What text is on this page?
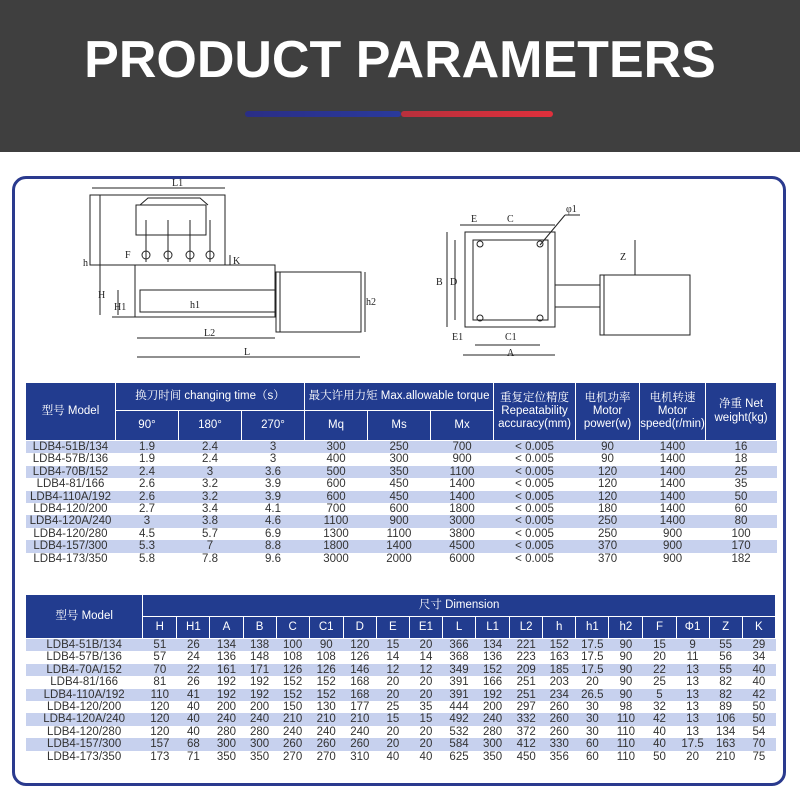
PRODUCT PARAMETERS
L1
h
F
K
H
H1	h1
L2
L
h2
E	C
φ1
B D
Z
E1	C1
A
型号 Model	换刀时间 changing time（s）			最大许用力矩 Max.allowable torque			重复定位精度 Repeatability accuracy(mm)	电机功率 Motor power(w)	电机转速 Motor speed(r/min)	净重 Net weight(kg)
	90°	180°	270°	Mq	Ms	Mx				
LDB4-51B/134	1.9	2.4	3	300	250	700	< 0.005	90	1400	16
LDB4-57B/136	1.9	2.4	3	400	300	900	< 0.005	90	1400	18
LDB4-70B/152	2.4	3	3.6	500	350	1100	< 0.005	120	1400	25
LDB4-81/166	2.6	3.2	3.9	600	450	1400	< 0.005	120	1400	35
LDB4-110A/192	2.6	3.2	3.9	600	450	1400	< 0.005	120	1400	50
LDB4-120/200	2.7	3.4	4.1	700	600	1800	< 0.005	180	1400	60
LDB4-120A/240	3	3.8	4.6	1100	900	3000	< 0.005	250	1400	80
LDB4-120/280	4.5	5.7	6.9	1300	1100	3800	< 0.005	250	900	100
LDB4-157/300	5.3	7	8.8	1800	1400	4500	< 0.005	370	900	170
LDB4-173/350	5.8	7.8	9.6	3000	2000	6000	< 0.005	370	900	182
型号 Model	尺寸 Dimension																		
	H	H1	A	B	C	C1	D	E	E1	L	L1	L2	h	h1	h2	F	Φ1	Z	K
LDB4-51B/134	51	26	134	138	100	90	120	15	20	366	134	221	152	17.5	90	15	9	55	29
LDB4-57B/136	57	24	136	148	108	108	126	14	14	368	136	223	163	17.5	90	20	11	56	34
LDB4-70A/152	70	22	161	171	126	126	146	12	12	349	152	209	185	17.5	90	22	13	55	40
LDB4-81/166	81	26	192	192	152	152	168	20	20	391	166	251	203	20	90	25	13	82	40
LDB4-110A/192	110	41	192	192	152	152	168	20	20	391	192	251	234	26.5	90	5	13	82	42
LDB4-120/200	120	40	200	200	150	130	177	25	35	444	200	297	260	30	98	32	13	89	50
LDB4-120A/240	120	40	240	240	210	210	210	15	15	492	240	332	260	30	110	42	13	106	50
LDB4-120/280	120	40	280	280	240	240	240	20	20	532	280	372	260	30	110	40	13	134	54
LDB4-157/300	157	68	300	300	260	260	260	20	20	584	300	412	330	60	110	40	17.5	163	70
LDB4-173/350	173	71	350	350	270	270	310	40	40	625	350	450	356	60	110	50	20	210	75
